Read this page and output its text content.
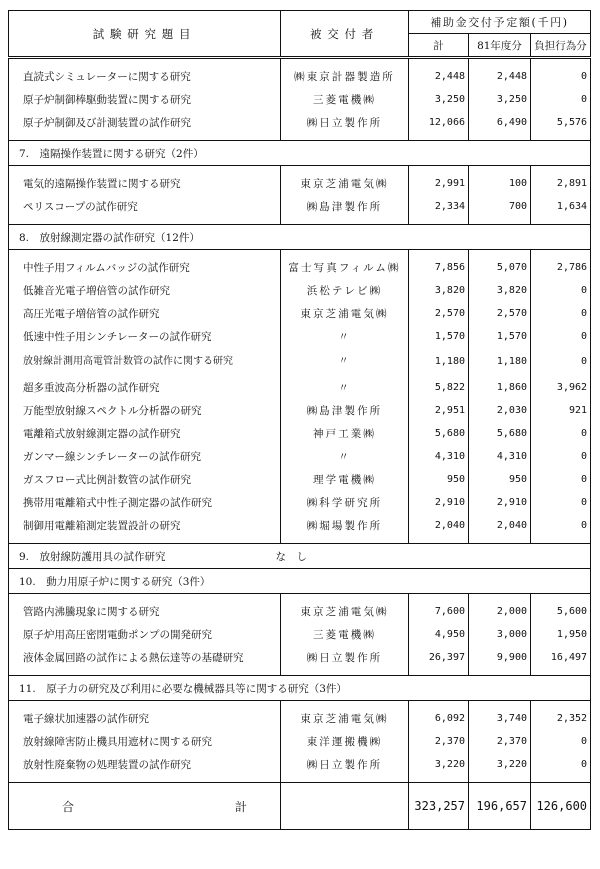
試験研究題目	被交付者	補助金交付予定額(千円)		
		計	81年度分	負担行為分

直読式シミュレーターに関する研究	㈱東京計器製造所	2,448	2,448	0
原子炉制御棒駆動装置に関する研究	三菱電機㈱	3,250	3,250	0
原子炉制御及び計測装置の試作研究	㈱日立製作所	12,066	6,490	5,576

7.　遠隔操作装置に関する研究（2件）				

電気的遠隔操作装置に関する研究	東京芝浦電気㈱	2,991	100	2,891
ペリスコープの試作研究	㈱島津製作所	2,334	700	1,634

8.　放射線測定器の試作研究（12件）				

中性子用フィルムバッジの試作研究	富士写真フィルム㈱	7,856	5,070	2,786
低雑音光電子増倍管の試作研究	浜松テレビ㈱	3,820	3,820	0
高圧光電子増倍管の試作研究	東京芝浦電気㈱	2,570	2,570	0
低速中性子用シンチレーターの試作研究	〃	1,570	1,570	0
放射線計測用高電管計数管の試作に関する研究	〃	1,180	1,180	0
超多重波高分析器の試作研究	〃	5,822	1,860	3,962
万能型放射線スペクトル分析器の研究	㈱島津製作所	2,951	2,030	921
電離箱式放射線測定器の試作研究	神戸工業㈱	5,680	5,680	0
ガンマー線シンチレーターの試作研究	〃	4,310	4,310	0
ガスフロー式比例計数管の試作研究	理学電機㈱	950	950	0
携帯用電離箱式中性子測定器の試作研究	㈱科学研究所	2,910	2,910	0
制御用電離箱測定装置設計の研究	㈱堀場製作所	2,040	2,040	0

9.　放射線防護用具の試作研究 な　し				
10.　動力用原子炉に関する研究（3件）				

管路内沸騰現象に関する研究	東京芝浦電気㈱	7,600	2,000	5,600
原子炉用高圧密閉電動ポンプの開発研究	三菱電機㈱	4,950	3,000	1,950
液体金属回路の試作による熱伝達等の基礎研究	㈱日立製作所	26,397	9,900	16,497

11.　原子力の研究及び利用に必要な機械器具等に関する研究（3件）				

電子線状加速器の試作研究	東京芝浦電気㈱	6,092	3,740	2,352
放射線障害防止機具用遮材に関する研究	東洋運搬機㈱	2,370	2,370	0
放射性廃棄物の処理装置の試作研究	㈱日立製作所	3,220	3,220	0

合 計		323,257	196,657	126,600
